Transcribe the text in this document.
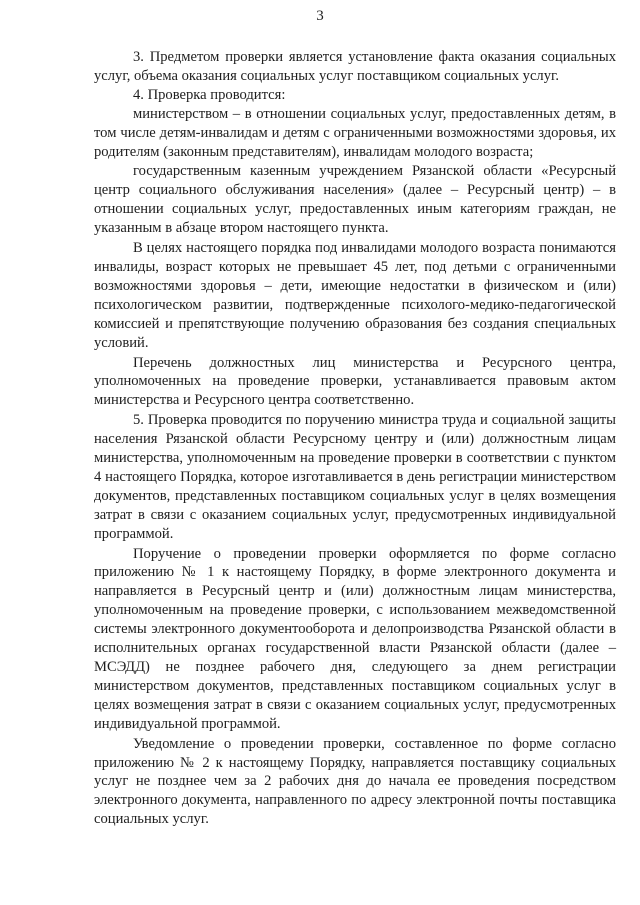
3

3. Предметом проверки является установление факта оказания социальных услуг, объема оказания социальных услуг поставщиком социальных услуг.

4. Проверка проводится:

министерством – в отношении социальных услуг, предоставленных детям, в том числе детям-инвалидам и детям с ограниченными возможностями здоровья, их родителям (законным представителям), инвалидам молодого возраста;

государственным казенным учреждением Рязанской области «Ресурсный центр социального обслуживания населения» (далее – Ресурсный центр) – в отношении социальных услуг, предоставленных иным категориям граждан, не указанным в абзаце втором настоящего пункта.

В целях настоящего порядка под инвалидами молодого возраста понимаются инвалиды, возраст которых не превышает 45 лет, под детьми с ограниченными возможностями здоровья – дети, имеющие недостатки в физическом и (или) психологическом развитии, подтвержденные психолого-медико-педагогической комиссией и препятствующие получению образования без создания специальных условий.

Перечень должностных лиц министерства и Ресурсного центра, уполномоченных на проведение проверки, устанавливается правовым актом министерства и Ресурсного центра соответственно.

5. Проверка проводится по поручению министра труда и социальной защиты населения Рязанской области Ресурсному центру и (или) должностным лицам министерства, уполномоченным на проведение проверки в соответствии с пунктом 4 настоящего Порядка, которое изготавливается в день регистрации министерством документов, представленных поставщиком социальных услуг в целях возмещения затрат в связи с оказанием социальных услуг, предусмотренных индивидуальной программой.

Поручение о проведении проверки оформляется по форме согласно приложению № 1 к настоящему Порядку, в форме электронного документа и направляется в Ресурсный центр и (или) должностным лицам министерства, уполномоченным на проведение проверки, с использованием межведомственной системы электронного документооборота и делопроизводства Рязанской области в исполнительных органах государственной власти Рязанской области (далее – МСЭДД) не позднее рабочего дня, следующего за днем регистрации министерством документов, представленных поставщиком социальных услуг в целях возмещения затрат в связи с оказанием социальных услуг, предусмотренных индивидуальной программой.

Уведомление о проведении проверки, составленное по форме согласно приложению № 2 к настоящему Порядку, направляется поставщику социальных услуг не позднее чем за 2 рабочих дня до начала ее проведения посредством электронного документа, направленного по адресу электронной почты поставщика социальных услуг.
